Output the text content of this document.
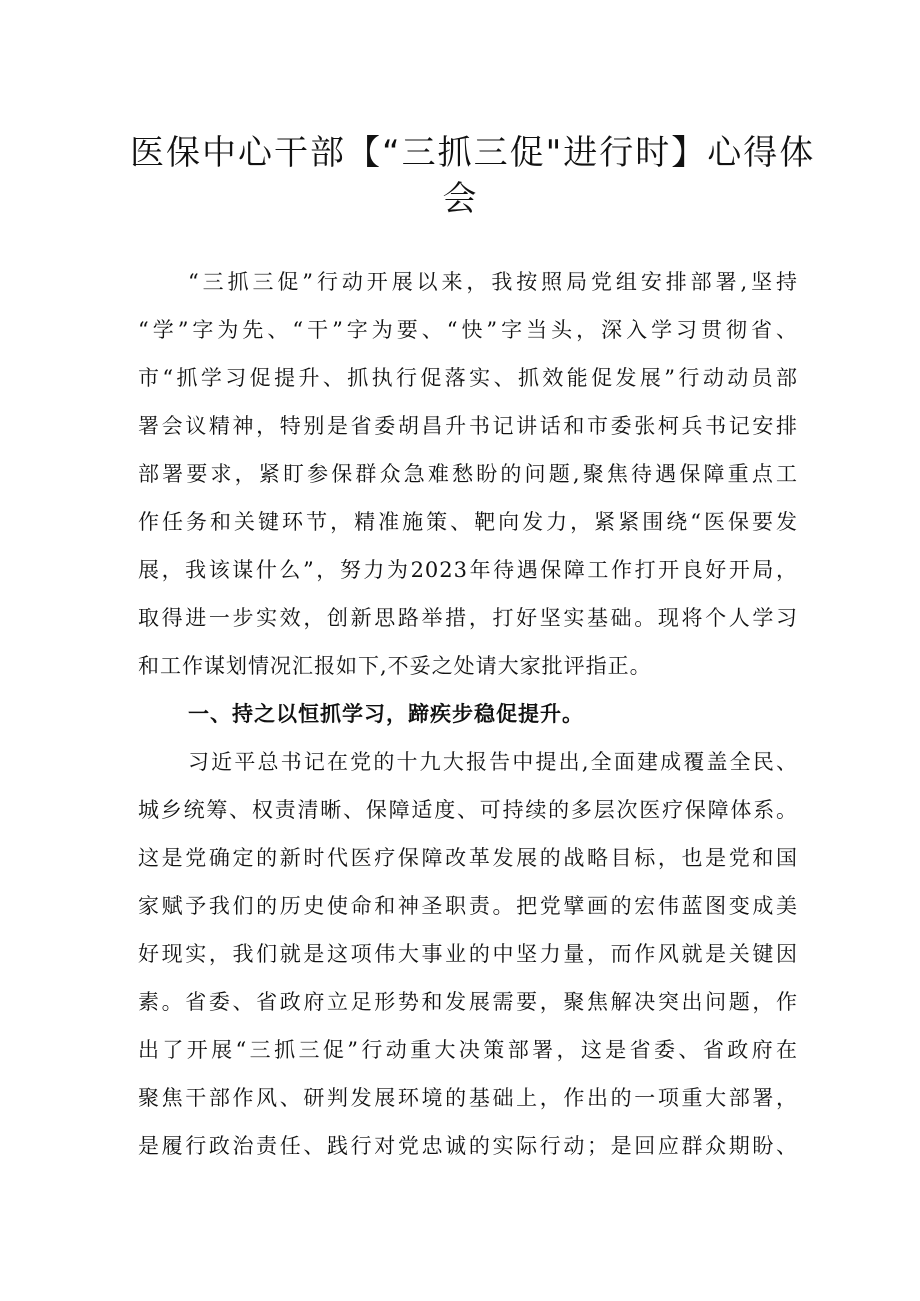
医保中心干部【“三抓三促"进行时】心得体
会
“三抓三促”行动开展以来，我按照局党组安排部署,坚持
“学”字为先、“干”字为要、“快”字当头，深入学习贯彻省、
市“抓学习促提升、抓执行促落实、抓效能促发展”行动动员部
署会议精神，特别是省委胡昌升书记讲话和市委张柯兵书记安排
部署要求，紧盯参保群众急难愁盼的问题,聚焦待遇保障重点工
作任务和关键环节，精准施策、靶向发力，紧紧围绕“医保要发
展，我该谋什么”，努力为2023年待遇保障工作打开良好开局，
取得进一步实效，创新思路举措，打好坚实基础。现将个人学习
和工作谋划情况汇报如下,不妥之处请大家批评指正。
一、持之以恒抓学习，蹄疾步稳促提升。
习近平总书记在党的十九大报告中提出,全面建成覆盖全民、
城乡统筹、权责清晰、保障适度、可持续的多层次医疗保障体系。
这是党确定的新时代医疗保障改革发展的战略目标，也是党和国
家赋予我们的历史使命和神圣职责。把党擘画的宏伟蓝图变成美
好现实，我们就是这项伟大事业的中坚力量，而作风就是关键因
素。省委、省政府立足形势和发展需要，聚焦解决突出问题，作
出了开展“三抓三促”行动重大决策部署，这是省委、省政府在
聚焦干部作风、研判发展环境的基础上，作出的一项重大部署，
是履行政治责任、践行对党忠诚的实际行动；是回应群众期盼、
